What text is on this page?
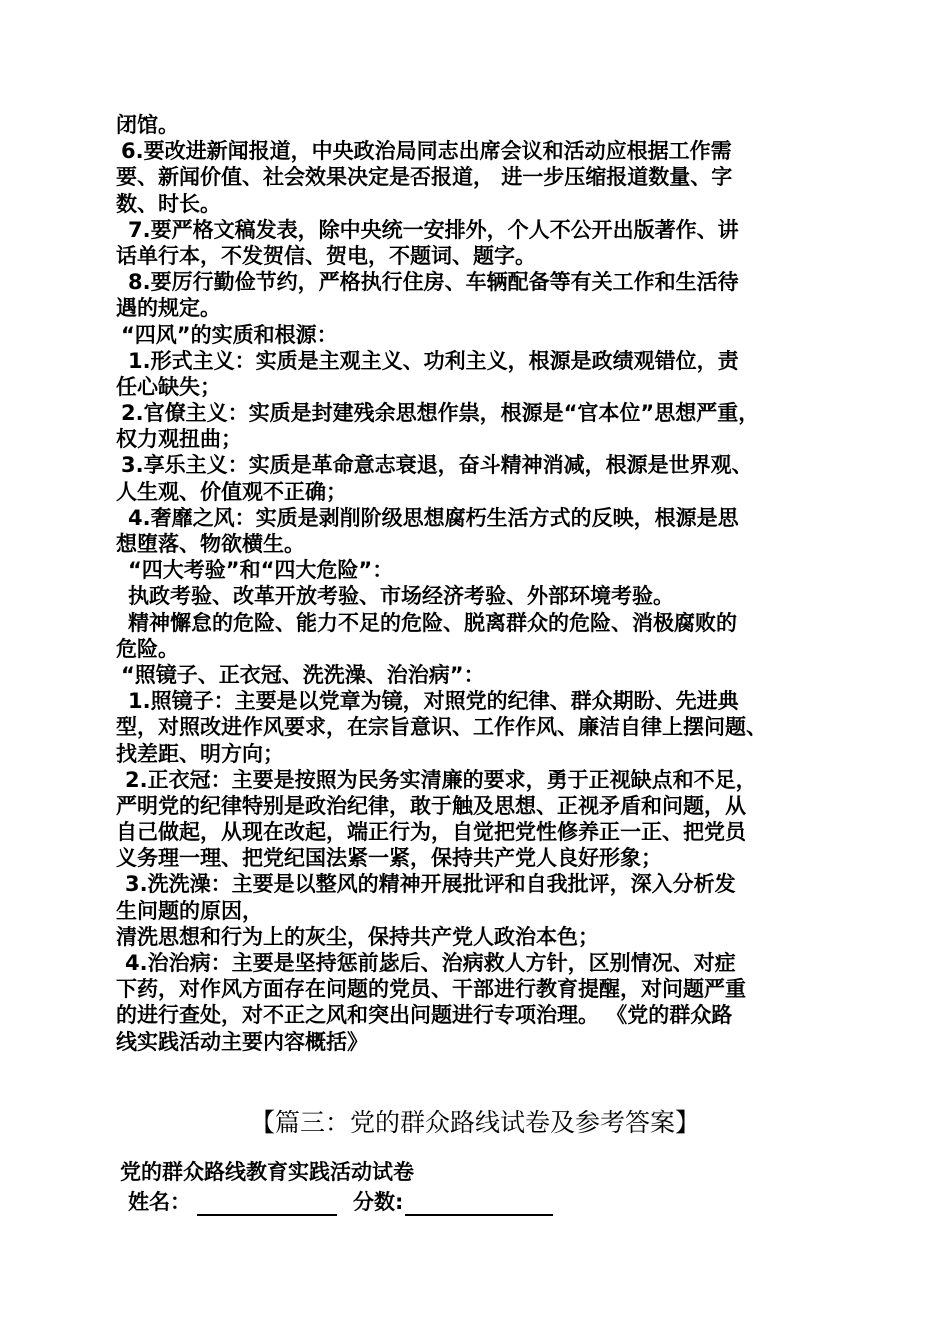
闭馆。
6.要改进新闻报道，中央政治局同志出席会议和活动应根据工作需
要、新闻价值、社会效果决定是否报道， 进一步压缩报道数量、字
数、时长。
7.要严格文稿发表，除中央统一安排外，个人不公开出版著作、讲
话单行本，不发贺信、贺电，不题词、题字。
8.要厉行勤俭节约，严格执行住房、车辆配备等有关工作和生活待
遇的规定。
“四风”的实质和根源：
1.形式主义：实质是主观主义、功利主义，根源是政绩观错位，责
任心缺失；
2.官僚主义：实质是封建残余思想作祟，根源是“官本位”思想严重，
权力观扭曲；
3.享乐主义：实质是革命意志衰退，奋斗精神消减，根源是世界观、
人生观、价值观不正确；
4.奢靡之风：实质是剥削阶级思想腐朽生活方式的反映，根源是思
想堕落、物欲横生。
“四大考验”和“四大危险”：
执政考验、改革开放考验、市场经济考验、外部环境考验。
精神懈怠的危险、能力不足的危险、脱离群众的危险、消极腐败的
危险。
“照镜子、正衣冠、洗洗澡、治治病”：
1.照镜子：主要是以党章为镜，对照党的纪律、群众期盼、先进典
型，对照改进作风要求，在宗旨意识、工作作风、廉洁自律上摆问题、
找差距、明方向；
2.正衣冠：主要是按照为民务实清廉的要求，勇于正视缺点和不足，
严明党的纪律特别是政治纪律，敢于触及思想、正视矛盾和问题，从
自己做起，从现在改起，端正行为，自觉把党性修养正一正、把党员
义务理一理、把党纪国法紧一紧，保持共产党人良好形象；
3.洗洗澡：主要是以整风的精神开展批评和自我批评，深入分析发
生问题的原因，
清洗思想和行为上的灰尘，保持共产党人政治本色；
4.治治病：主要是坚持惩前毖后、治病救人方针，区别情况、对症
下药，对作风方面存在问题的党员、干部进行教育提醒，对问题严重
的进行查处，对不正之风和突出问题进行专项治理。 《党的群众路
线实践活动主要内容概括》
【篇三：党的群众路线试卷及参考答案】
党的群众路线教育实践活动试卷
姓名：	分数:
